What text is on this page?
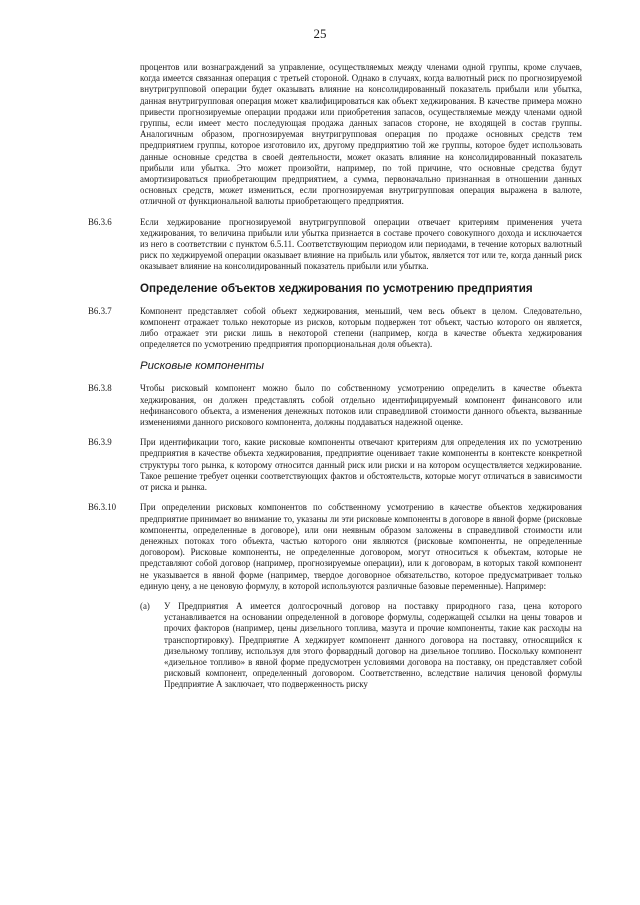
25
процентов или вознаграждений за управление, осуществляемых между членами одной группы, кроме случаев, когда имеется связанная операция с третьей стороной. Однако в случаях, когда валютный риск по прогнозируемой внутригрупповой операции будет оказывать влияние на консолидированный показатель прибыли или убытка, данная внутригрупповая операция может квалифицироваться как объект хеджирования. В качестве примера можно привести прогнозируемые операции продажи или приобретения запасов, осуществляемые между членами одной группы, если имеет место последующая продажа данных запасов стороне, не входящей в состав группы. Аналогичным образом, прогнозируемая внутригрупповая операция по продаже основных средств тем предприятием группы, которое изготовило их, другому предприятию той же группы, которое будет использовать данные основные средства в своей деятельности, может оказать влияние на консолидированный показатель прибыли или убытка. Это может произойти, например, по той причине, что основные средства будут амортизироваться приобретающим предприятием, а сумма, первоначально признанная в отношении данных основных средств, может измениться, если прогнозируемая внутригрупповая операция выражена в валюте, отличной от функциональной валюты приобретающего предприятия.
B6.3.6	Если хеджирование прогнозируемой внутригрупповой операции отвечает критериям применения учета хеджирования, то величина прибыли или убытка признается в составе прочего совокупного дохода и исключается из него в соответствии с пунктом 6.5.11. Соответствующим периодом или периодами, в течение которых валютный риск по хеджируемой операции оказывает влияние на прибыль или убыток, является тот или те, когда данный риск оказывает влияние на консолидированный показатель прибыли или убытка.
Определение объектов хеджирования по усмотрению предприятия
B6.3.7	Компонент представляет собой объект хеджирования, меньший, чем весь объект в целом. Следовательно, компонент отражает только некоторые из рисков, которым подвержен тот объект, частью которого он является, либо отражает эти риски лишь в некоторой степени (например, когда в качестве объекта хеджирования определяется по усмотрению предприятия пропорциональная доля объекта).
Рисковые компоненты
B6.3.8	Чтобы рисковый компонент можно было по собственному усмотрению определить в качестве объекта хеджирования, он должен представлять собой отдельно идентифицируемый компонент финансового или нефинансового объекта, а изменения денежных потоков или справедливой стоимости данного объекта, вызванные изменениями данного рискового компонента, должны поддаваться надежной оценке.
B6.3.9	При идентификации того, какие рисковые компоненты отвечают критериям для определения их по усмотрению предприятия в качестве объекта хеджирования, предприятие оценивает такие компоненты в контексте конкретной структуры того рынка, к которому относится данный риск или риски и на котором осуществляется хеджирование. Такое решение требует оценки соответствующих фактов и обстоятельств, которые могут отличаться в зависимости от риска и рынка.
B6.3.10	При определении рисковых компонентов по собственному усмотрению в качестве объектов хеджирования предприятие принимает во внимание то, указаны ли эти рисковые компоненты в договоре в явной форме (рисковые компоненты, определенные в договоре), или они неявным образом заложены в справедливой стоимости или денежных потоках того объекта, частью которого они являются (рисковые компоненты, не определенные договором). Рисковые компоненты, не определенные договором, могут относиться к объектам, которые не представляют собой договор (например, прогнозируемые операции), или к договорам, в которых такой компонент не указывается в явной форме (например, твердое договорное обязательство, которое предусматривает только единую цену, а не ценовую формулу, в которой используются различные базовые переменные). Например:
(а) У Предприятия А имеется долгосрочный договор на поставку природного газа, цена которого устанавливается на основании определенной в договоре формулы, содержащей ссылки на цены товаров и прочих факторов (например, цены дизельного топлива, мазута и прочие компоненты, такие как расходы на транспортировку). Предприятие А хеджирует компонент данного договора на поставку, относящийся к дизельному топливу, используя для этого форвардный договор на дизельное топливо. Поскольку компонент «дизельное топливо» в явной форме предусмотрен условиями договора на поставку, он представляет собой рисковый компонент, определенный договором. Соответственно, вследствие наличия ценовой формулы Предприятие А заключает, что подверженность риску
